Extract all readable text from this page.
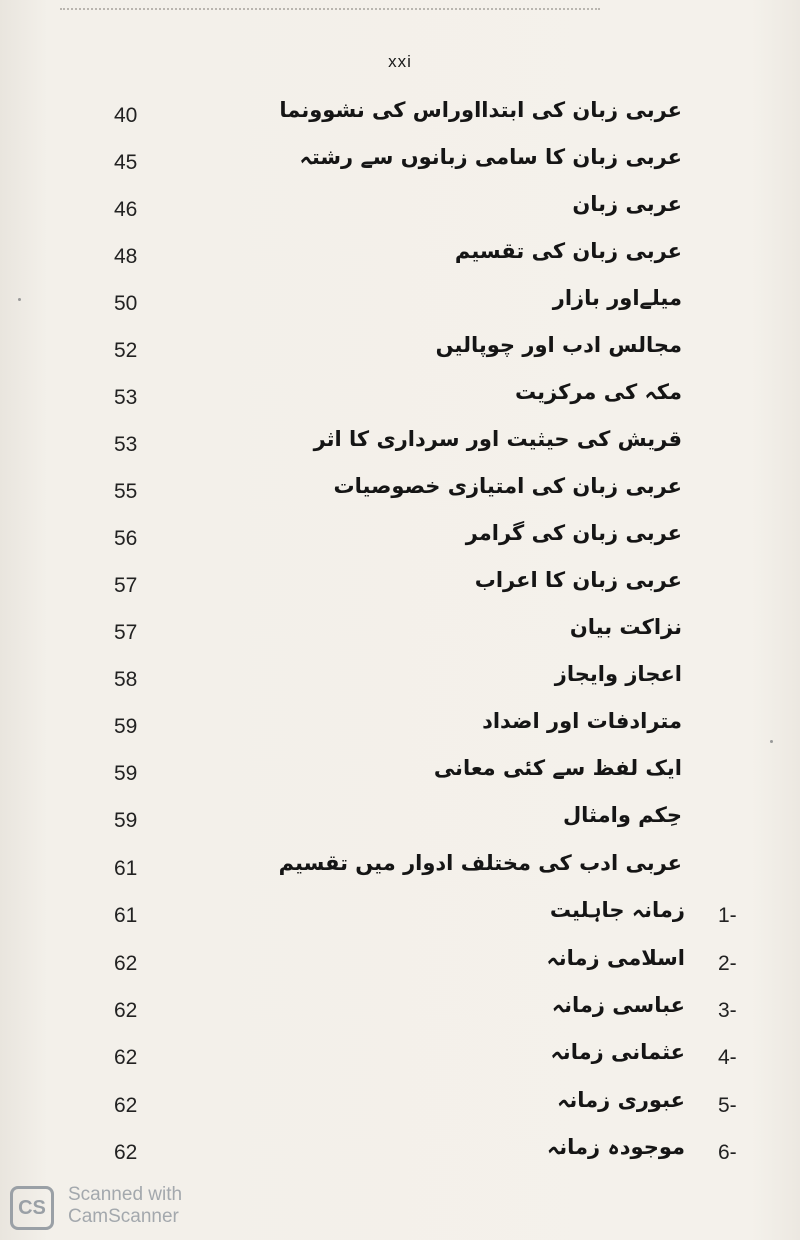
xxi
40	عربی زبان کی ابتدااوراس کی نشوونما
45	عربی زبان کا سامی زبانوں سے رشتہ
46	عربی زبان
48	عربی زبان کی تقسیم
50	میلےاور بازار
52	مجالس ادب اور چوپالیں
53	مکہ کی مرکزیت
53	قریش کی حیثیت اور سرداری کا اثر
55	عربی زبان کی امتیازی خصوصیات
56	عربی زبان کی گرامر
57	عربی زبان کا اعراب
57	نزاکت بیان
58	اعجاز وایجاز
59	مترادفات اور اضداد
59	ایک لفظ سے کئی معانی
59	حِکم وامثال
61	عربی ادب کی مختلف ادوار میں تقسیم
61	زمانہ جاہلیت 1-
62	اسلامی زمانہ 2-
62	عباسی زمانہ 3-
62	عثمانی زمانہ 4-
62	عبوری زمانہ 5-
62	موجودہ زمانہ 6-
CS
Scanned with
CamScanner
